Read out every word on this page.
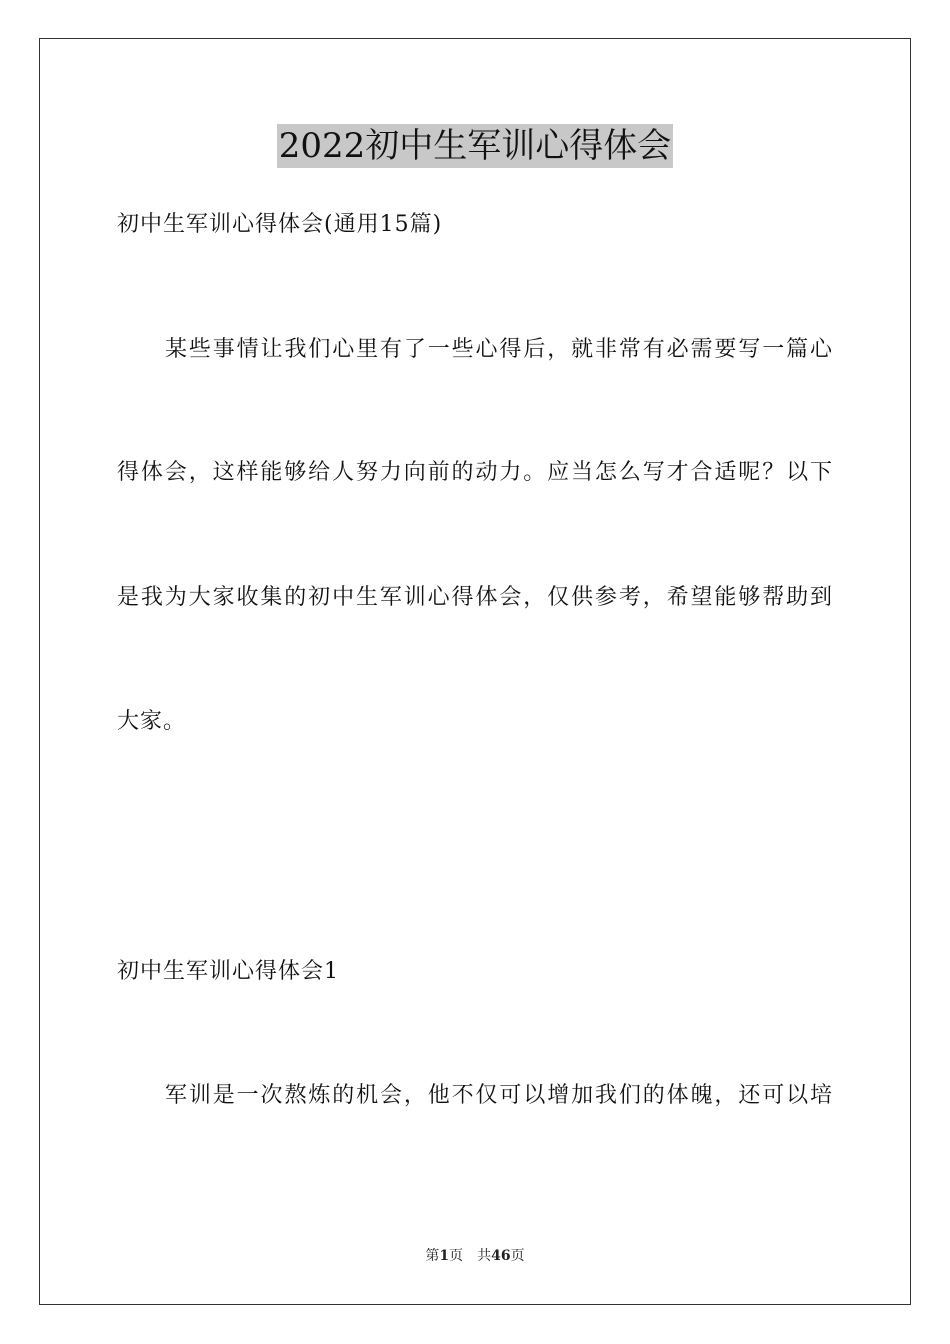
2022初中生军训心得体会
初中生军训心得体会(通用15篇)
某些事情让我们心里有了一些心得后，就非常有必需要写一篇心
得体会，这样能够给人努力向前的动力。应当怎么写才合适呢？以下
是我为大家收集的初中生军训心得体会，仅供参考，希望能够帮助到
大家。
初中生军训心得体会1
军训是一次熬炼的机会，他不仅可以增加我们的体魄，还可以培
第1页 共46页
